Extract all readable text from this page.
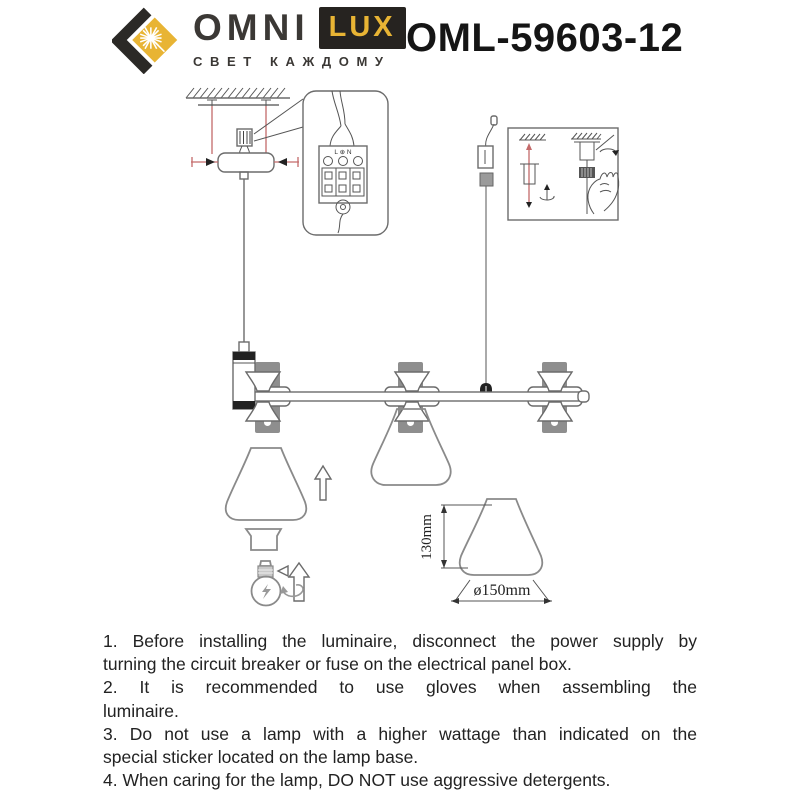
OMNI LUX
СВЕТ КАЖДОМУ
OML-59603-12
L ⊕ N
130mm
ø150mm
1. Before installing the luminaire, disconnect the power supply by
turning the circuit breaker or fuse on the electrical panel box.
2. It is recommended to use gloves when assembling the
luminaire.
3. Do not use a lamp with a higher wattage than indicated on the
special sticker located on the lamp base.
4. When caring for the lamp, DO NOT use aggressive detergents.
